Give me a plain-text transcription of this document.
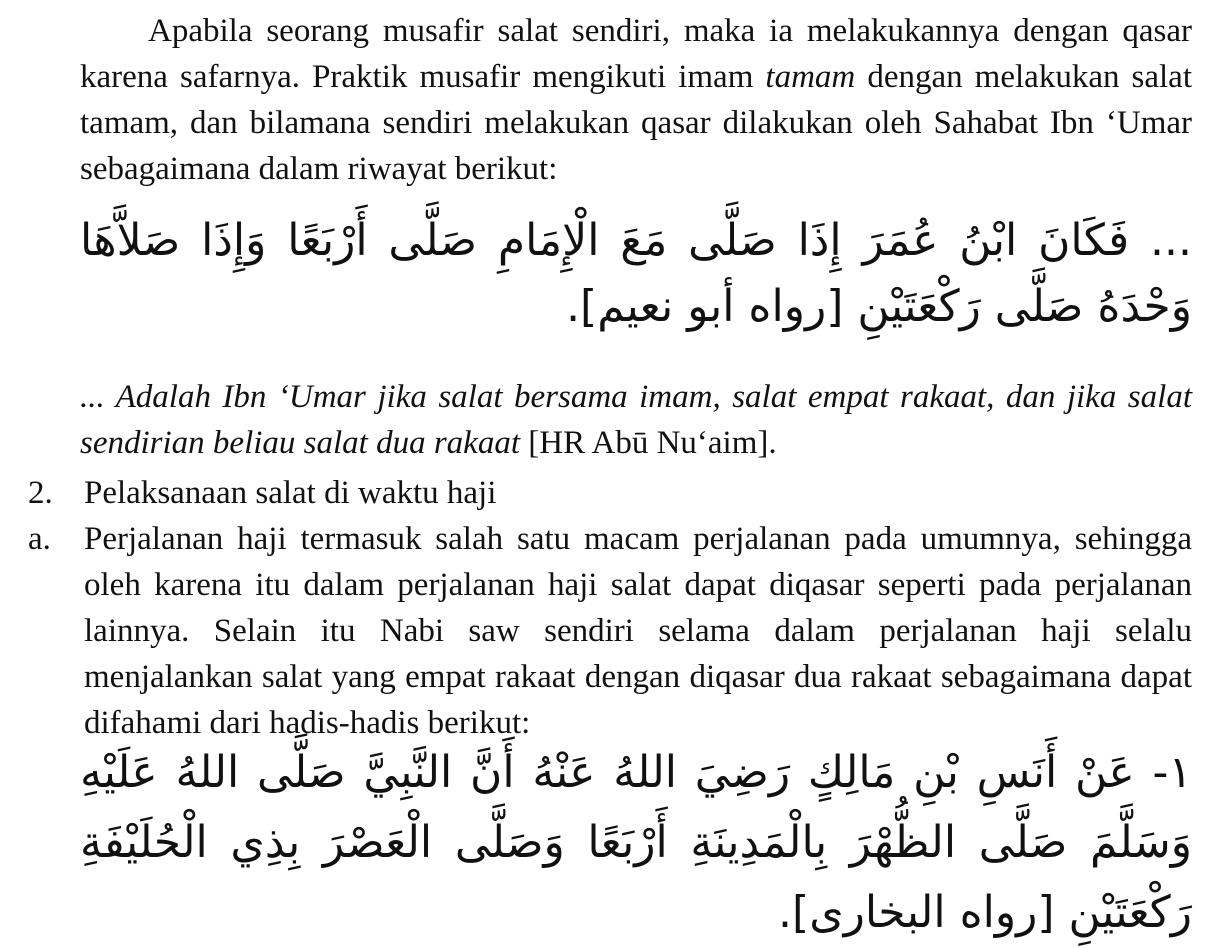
Apabila seorang musafir salat sendiri, maka ia melakukannya dengan qasar karena safarnya. Praktik musafir mengikuti imam tamam dengan melakukan salat tamam, dan bilamana sendiri melakukan qasar dilakukan oleh Sahabat Ibn ‘Umar sebagaimana dalam riwayat berikut:

... فَكَانَ ابْنُ عُمَرَ إِذَا صَلَّى مَعَ الْإِمَامِ صَلَّى أَرْبَعًا وَإِذَا صَلاَّهَا وَحْدَهُ صَلَّى رَكْعَتَيْنِ [رواه أبو نعيم].
... Adalah Ibn ‘Umar jika salat bersama imam, salat empat rakaat, dan jika salat sendirian beliau salat dua rakaat [HR Abū Nu‘aim].
2. Pelaksanaan salat di waktu haji
a.	Perjalanan haji termasuk salah satu macam perjalanan pada umumnya, sehingga oleh karena itu dalam perjalanan haji salat dapat diqasar seperti pada perjalanan lainnya. Selain itu Nabi saw sendiri selama dalam perjalanan haji selalu menjalankan salat yang empat rakaat dengan diqasar dua rakaat sebagaimana dapat difahami dari hadis-hadis berikut:
١- عَنْ أَنَسِ بْنِ مَالِكٍ رَضِيَ اللهُ عَنْهُ أَنَّ النَّبِيَّ صَلَّى اللهُ عَلَيْهِ وَسَلَّمَ صَلَّى الظُّهْرَ بِالْمَدِينَةِ أَرْبَعًا وَصَلَّى الْعَصْرَ بِذِي الْحُلَيْفَةِ رَكْعَتَيْنِ [رواه البخارى].
